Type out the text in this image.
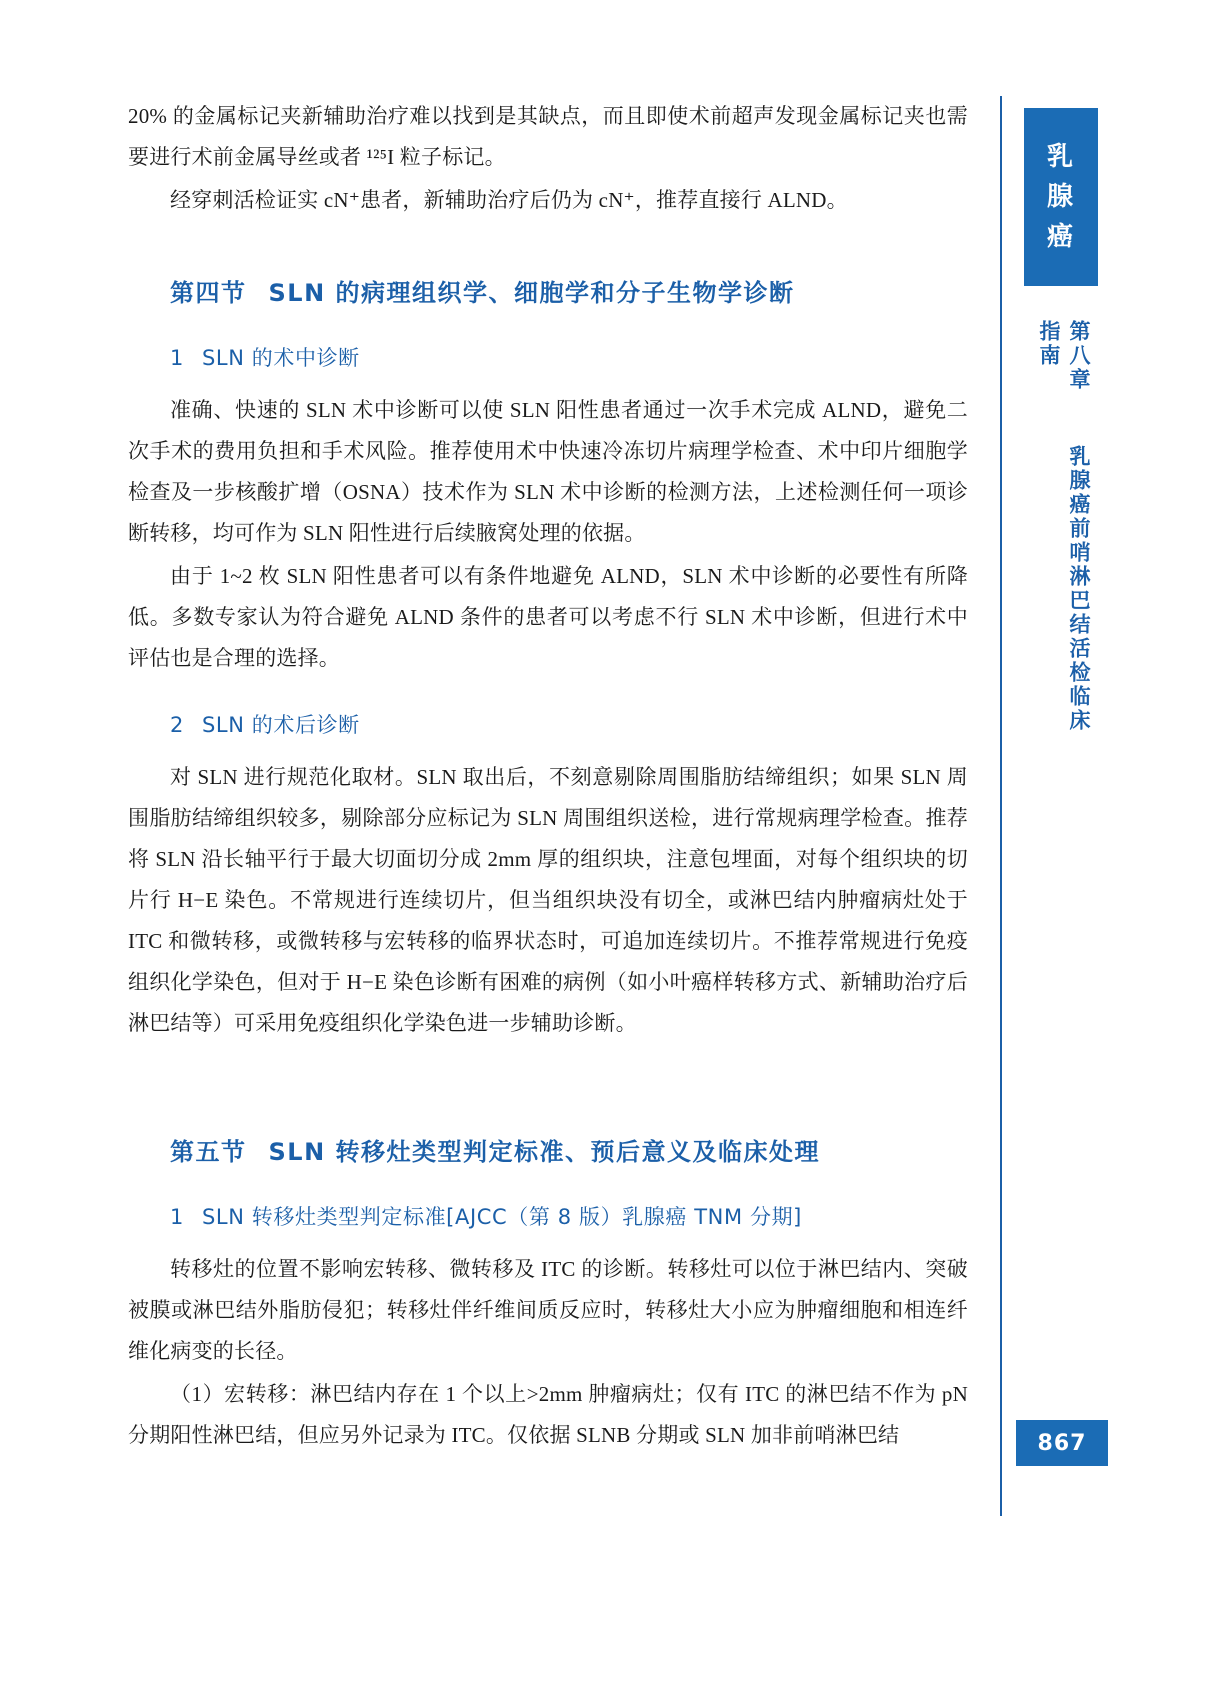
20% 的金属标记夹新辅助治疗难以找到是其缺点，而且即使术前超声发现金属标记夹也需要进行术前金属导丝或者 ¹²⁵I 粒子标记。

经穿刺活检证实 cN⁺患者，新辅助治疗后仍为 cN⁺，推荐直接行 ALND。

第四节 SLN 的病理组织学、细胞学和分子生物学诊断
1 SLN 的术中诊断

准确、快速的 SLN 术中诊断可以使 SLN 阳性患者通过一次手术完成 ALND，避免二次手术的费用负担和手术风险。推荐使用术中快速冷冻切片病理学检查、术中印片细胞学检查及一步核酸扩增（OSNA）技术作为 SLN 术中诊断的检测方法，上述检测任何一项诊断转移，均可作为 SLN 阳性进行后续腋窝处理的依据。

由于 1~2 枚 SLN 阳性患者可以有条件地避免 ALND，SLN 术中诊断的必要性有所降低。多数专家认为符合避免 ALND 条件的患者可以考虑不行 SLN 术中诊断，但进行术中评估也是合理的选择。

2 SLN 的术后诊断

对 SLN 进行规范化取材。SLN 取出后，不刻意剔除周围脂肪结缔组织；如果 SLN 周围脂肪结缔组织较多，剔除部分应标记为 SLN 周围组织送检，进行常规病理学检查。推荐将 SLN 沿长轴平行于最大切面切分成 2mm 厚的组织块，注意包埋面，对每个组织块的切片行 H−E 染色。不常规进行连续切片，但当组织块没有切全，或淋巴结内肿瘤病灶处于 ITC 和微转移，或微转移与宏转移的临界状态时，可追加连续切片。不推荐常规进行免疫组织化学染色，但对于 H−E 染色诊断有困难的病例（如小叶癌样转移方式、新辅助治疗后淋巴结等）可采用免疫组织化学染色进一步辅助诊断。

第五节 SLN 转移灶类型判定标准、预后意义及临床处理
1 SLN 转移灶类型判定标准[AJCC（第 8 版）乳腺癌 TNM 分期]

转移灶的位置不影响宏转移、微转移及 ITC 的诊断。转移灶可以位于淋巴结内、突破被膜或淋巴结外脂肪侵犯；转移灶伴纤维间质反应时，转移灶大小应为肿瘤细胞和相连纤维化病变的长径。

（1）宏转移：淋巴结内存在 1 个以上>2mm 肿瘤病灶；仅有 ITC 的淋巴结不作为 pN 分期阳性淋巴结，但应另外记录为 ITC。仅依据 SLNB 分期或 SLN 加非前哨淋巴结

乳
腺
癌
第八章 乳腺癌前哨淋巴结活检临床指南
867
